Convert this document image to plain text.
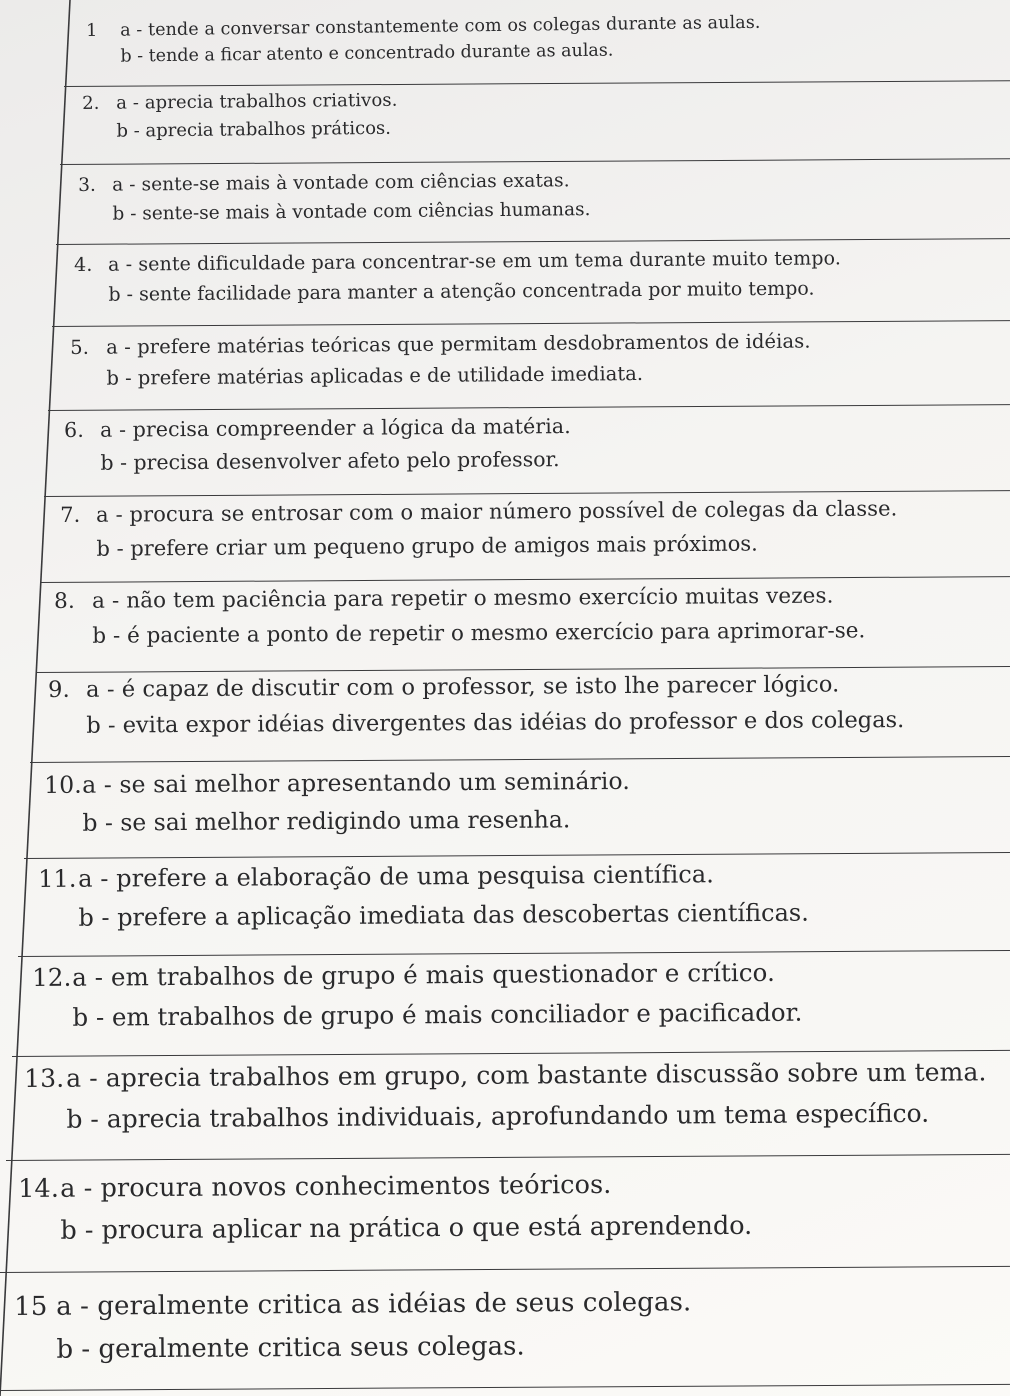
1 a - tende a conversar constantemente com os colegas durante as aulas.
b - tende a ficar atento e concentrado durante as aulas.
2. a - aprecia trabalhos criativos.
b - aprecia trabalhos práticos.
3. a - sente-se mais à vontade com ciências exatas.
b - sente-se mais à vontade com ciências humanas.
4. a - sente dificuldade para concentrar-se em um tema durante muito tempo.
b - sente facilidade para manter a atenção concentrada por muito tempo.
5. a - prefere matérias teóricas que permitam desdobramentos de idéias.
b - prefere matérias aplicadas e de utilidade imediata.
6. a - precisa compreender a lógica da matéria.
b - precisa desenvolver afeto pelo professor.
7. a - procura se entrosar com o maior número possível de colegas da classe.
b - prefere criar um pequeno grupo de amigos mais próximos.
8. a - não tem paciência para repetir o mesmo exercício muitas vezes.
b - é paciente a ponto de repetir o mesmo exercício para aprimorar-se.
9. a - é capaz de discutir com o professor, se isto lhe parecer lógico.
b - evita expor idéias divergentes das idéias do professor e dos colegas.
10.a - se sai melhor apresentando um seminário.
b - se sai melhor redigindo uma resenha.
11.a - prefere a elaboração de uma pesquisa científica.
b - prefere a aplicação imediata das descobertas científicas.
12.a - em trabalhos de grupo é mais questionador e crítico.
b - em trabalhos de grupo é mais conciliador e pacificador.
13.a - aprecia trabalhos em grupo, com bastante discussão sobre um tema.
b - aprecia trabalhos individuais, aprofundando um tema específico.
14.a - procura novos conhecimentos teóricos.
b - procura aplicar na prática o que está aprendendo.
15 a - geralmente critica as idéias de seus colegas.
b - geralmente critica seus colegas.
